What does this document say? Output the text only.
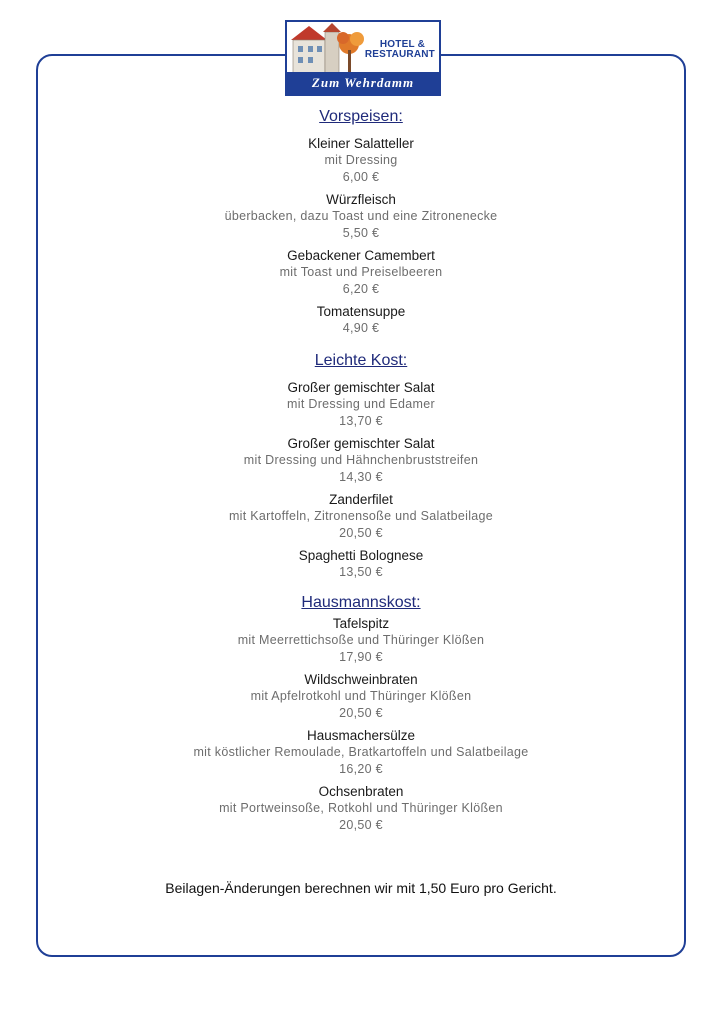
HOTEL &
RESTAURANT
Zum Wehrdamm
Vorspeisen:
Kleiner Salatteller
mit Dressing
6,00 €
Würzfleisch
überbacken, dazu Toast und eine Zitronenecke
5,50 €
Gebackener Camembert
mit Toast und Preiselbeeren
6,20 €
Tomatensuppe
4,90 €
Leichte Kost:
Großer gemischter Salat
mit Dressing und Edamer
13,70 €
Großer gemischter Salat
mit Dressing und Hähnchenbruststreifen
14,30 €
Zanderfilet
mit Kartoffeln, Zitronensoße und Salatbeilage
20,50 €
Spaghetti Bolognese
13,50 €
Hausmannskost:
Tafelspitz
mit Meerrettichsoße und Thüringer Klößen
17,90 €
Wildschweinbraten
mit Apfelrotkohl und Thüringer Klößen
20,50 €
Hausmachersülze
mit köstlicher Remoulade, Bratkartoffeln und Salatbeilage
16,20 €
Ochsenbraten
mit Portweinsoße, Rotkohl und Thüringer Klößen
20,50 €
Beilagen-Änderungen berechnen wir mit 1,50 Euro pro Gericht.
